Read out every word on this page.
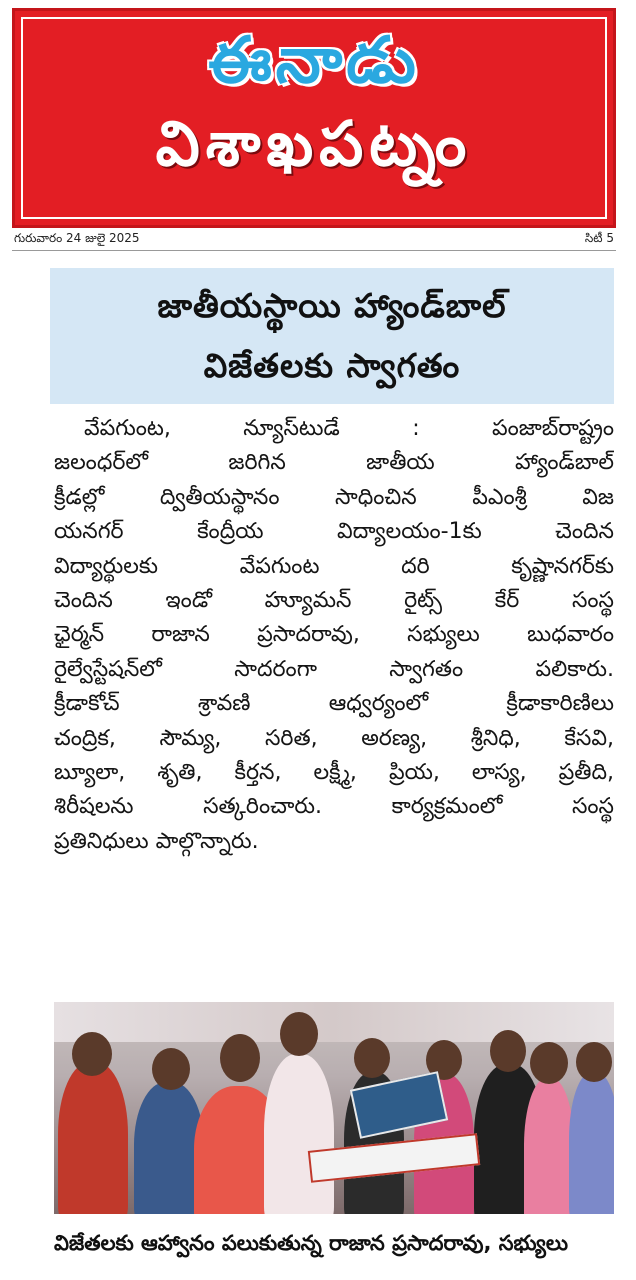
ఈనాడు
విశాఖపట్నం
గురువారం 24 జులై 2025	సిటీ 5
జాతీయస్థాయి హ్యాండ్‌బాల్
విజేతలకు స్వాగతం
వేపగుంట, న్యూస్‌టుడే : పంజాబ్‌రాష్ట్రం
జలంధర్‌లో జరిగిన జాతీయ హ్యాండ్‌బాల్
క్రీడల్లో ద్వితీయస్థానం సాధించిన పీఎంశ్రీ విజ
యనగర్ కేంద్రీయ విద్యాలయం-1కు చెందిన
విద్యార్థులకు వేపగుంట దరి కృష్ణానగర్‌కు
చెందిన ఇండో హ్యూమన్ రైట్స్ కేర్ సంస్థ
ఛైర్మన్ రాజాన ప్రసాదరావు, సభ్యులు బుధవారం
రైల్వేస్టేషన్‌లో సాదరంగా స్వాగతం పలికారు.
క్రీడాకోచ్ శ్రావణి ఆధ్వర్యంలో క్రీడాకారిణిలు
చంద్రిక, సౌమ్య, సరిత, అరణ్య, శ్రీనిధి, కేసవి,
బ్యూలా, శృతి, కీర్తన, లక్ష్మీ, ప్రియ, లాస్య, ప్రతీది,
శిరీషలను సత్కరించారు. కార్యక్రమంలో సంస్థ
ప్రతినిధులు పాల్గొన్నారు.
విజేతలకు ఆహ్వానం పలుకుతున్న రాజాన ప్రసాదరావు, సభ్యులు
